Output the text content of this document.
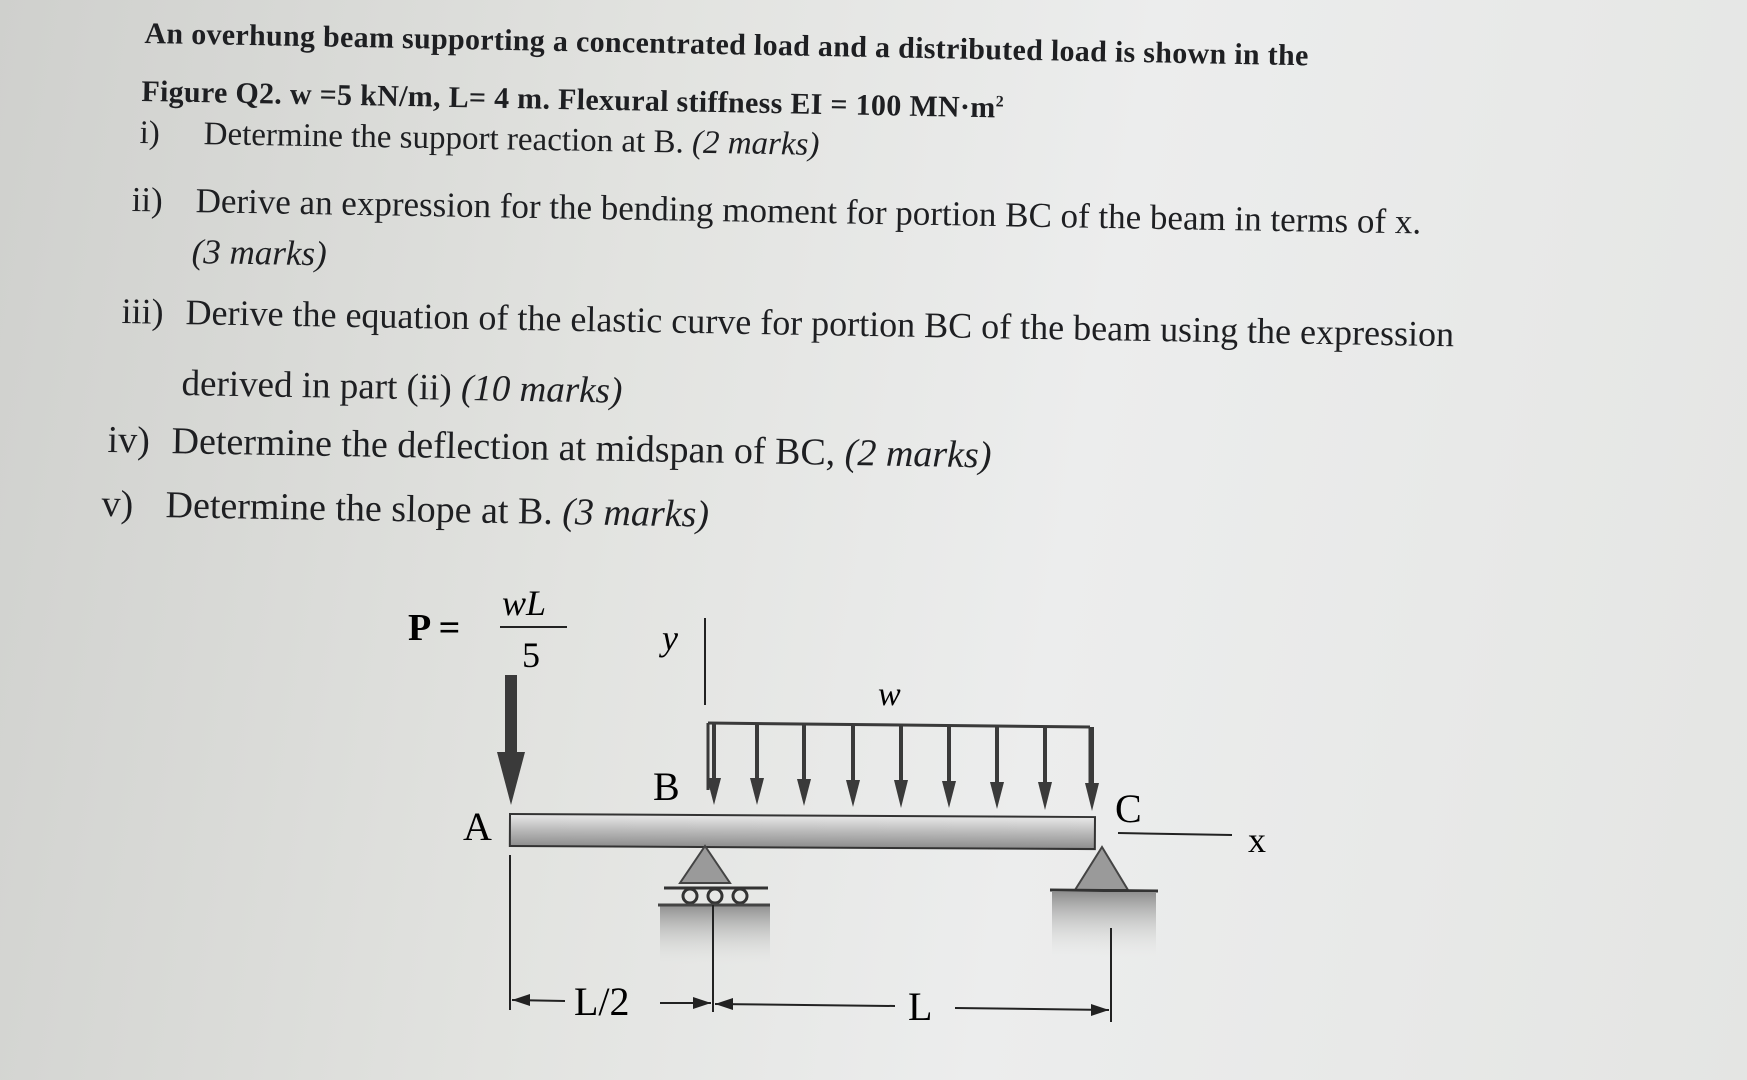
An overhung beam supporting a concentrated load and a distributed load is shown in the
Figure Q2. w =5 kN/m, L= 4 m. Flexural stiffness EI = 100 $MN\cdot m^2$
i) Determine the support reaction at B. (2 marks)
ii) Derive an expression for the bending moment for portion BC of the beam in terms of x.
(3 marks)
iii) Derive the equation of the elastic curve for portion BC of the beam using the expression
derived in part (ii) (10 marks)
iv) Determine the deflection at midspan of BC, (2 marks)
v) Determine the slope at B. (3 marks)
P =
wL
5	y
w
B
A	C
x
L/2	L
